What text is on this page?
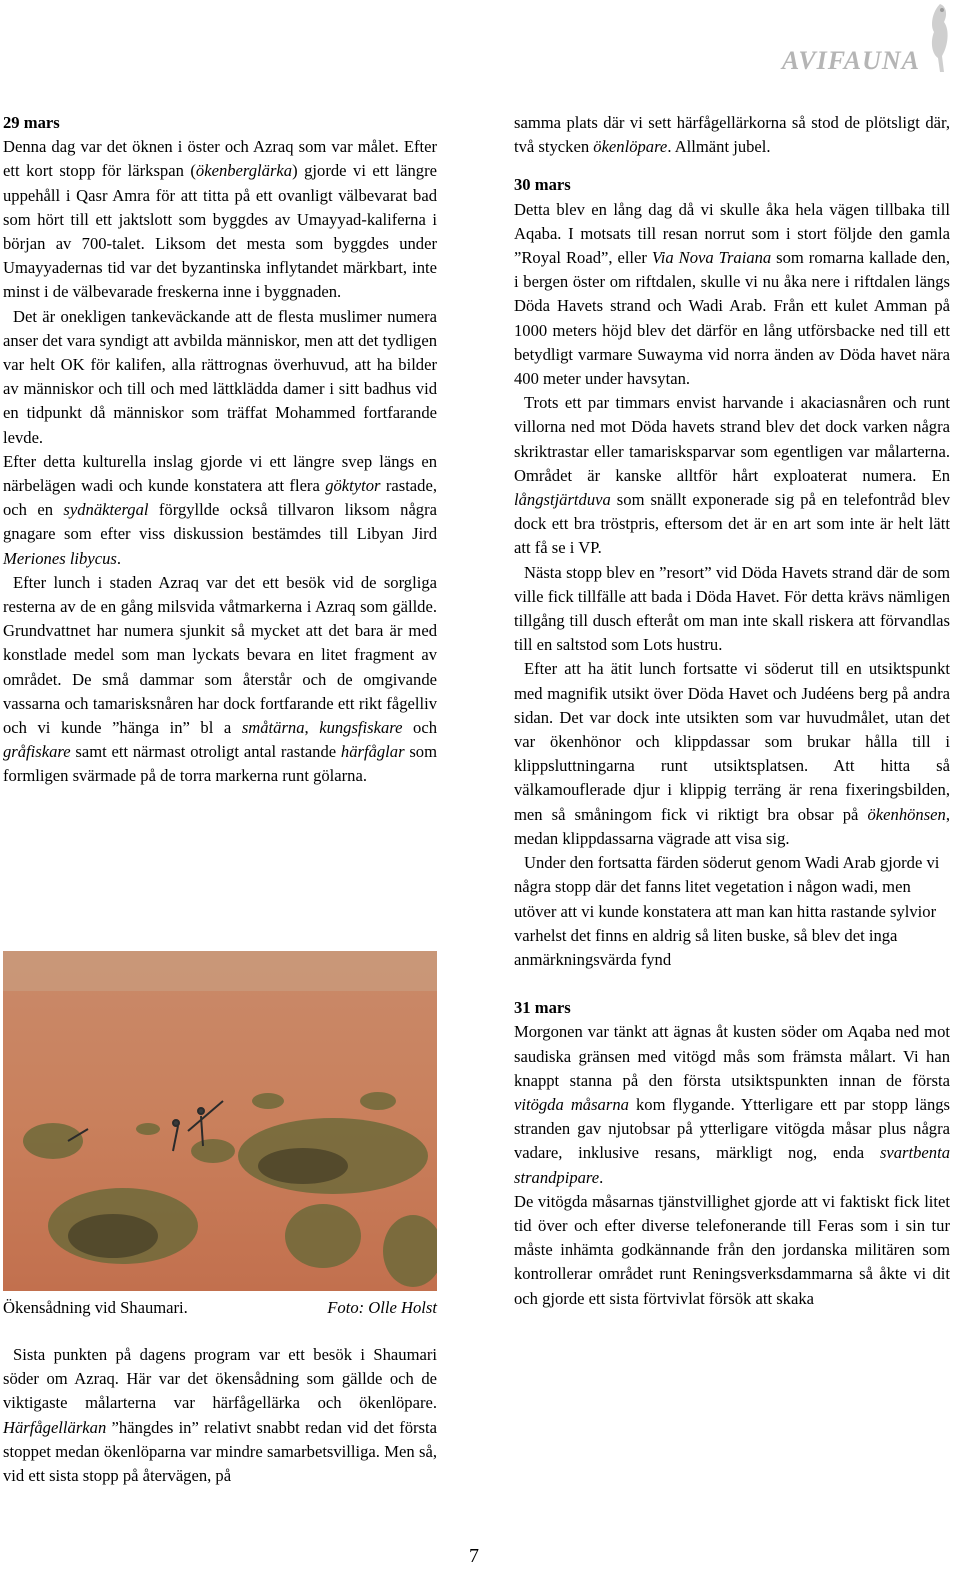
AVIFAUNA
29 mars

Denna dag var det öknen i öster och Azraq som var målet. Efter ett kort stopp för lärkspan (ökenberglärka) gjorde vi ett längre uppehåll i Qasr Amra för att titta på ett ovanligt välbevarat bad som hört till ett jaktslott som byggdes av Umayyad-kaliferna i början av 700-talet. Liksom det mesta som byggdes under Umayyadernas tid var det byzantinska inflytandet märkbart, inte minst i de välbevarade freskerna inne i byggnaden.

Det är onekligen tankeväckande att de flesta muslimer numera anser det vara syndigt att avbilda människor, men att det tydligen var helt OK för kalifen, alla rättrognas överhuvud, att ha bilder av människor och till och med lättklädda damer i sitt badhus vid en tidpunkt då människor som träffat Mohammed fortfarande levde.

Efter detta kulturella inslag gjorde vi ett längre svep längs en närbelägen wadi och kunde konstatera att flera göktytor rastade, och en sydnäktergal förgyllde också tillvaron liksom några gnagare som efter viss diskussion bestämdes till Libyan Jird Meriones libycus.

Efter lunch i staden Azraq var det ett besök vid de sorgliga resterna av de en gång milsvida våtmarkerna i Azraq som gällde. Grundvattnet har numera sjunkit så mycket att det bara är med konstlade medel som man lyckats bevara en litet fragment av området. De små dammar som återstår och de omgivande vassarna och tamarisksnåren har dock fortfarande ett rikt fågelliv och vi kunde ”hänga in” bl a småtärna, kungsfiskare och gråfiskare samt ett närmast otroligt antal rastande härfåglar som formligen svärmade på de torra markerna runt gölarna.

Ökensådning vid Shaumari.	Foto: Olle Holst

Sista punkten på dagens program var ett besök i Shaumari söder om Azraq. Här var det ökensådning som gällde och de viktigaste målarterna var härfågellärka och ökenlöpare. Härfågellärkan ”hängdes in” relativt snabbt redan vid det första stoppet medan ökenlöparna var mindre samarbetsvilliga. Men så, vid ett sista stopp på återvägen, på

samma plats där vi sett härfågellärkorna så stod de plötsligt där, två stycken ökenlöpare. Allmänt jubel.

30 mars

Detta blev en lång dag då vi skulle åka hela vägen tillbaka till Aqaba. I motsats till resan norrut som i stort följde den gamla ”Royal Road”, eller Via Nova Traiana som romarna kallade den, i bergen öster om riftdalen, skulle vi nu åka nere i riftdalen längs Döda Havets strand och Wadi Arab. Från ett kulet Amman på 1000 meters höjd blev det därför en lång utförsbacke ned till ett betydligt varmare Suwayma vid norra änden av Döda havet nära 400 meter under havsytan.

Trots ett par timmars envist harvande i akaciasnåren och runt villorna ned mot Döda havets strand blev det dock varken några skriktrastar eller tamarisksparvar som egentligen var målarterna. Området är kanske alltför hårt exploaterat numera. En långstjärtduva som snällt exponerade sig på en telefontråd blev dock ett bra tröstpris, eftersom det är en art som inte är helt lätt att få se i VP.

Nästa stopp blev en ”resort” vid Döda Havets strand där de som ville fick tillfälle att bada i Döda Havet. För detta krävs nämligen tillgång till dusch efteråt om man inte skall riskera att förvandlas till en saltstod som Lots hustru.

Efter att ha ätit lunch fortsatte vi söderut till en utsiktspunkt med magnifik utsikt över Döda Havet och Judéens berg på andra sidan. Det var dock inte utsikten som var huvudmålet, utan det var ökenhönor och klippdassar som brukar hålla till i klippsluttningarna runt utsiktsplatsen. Att hitta så välkamouflerade djur i klippig terräng är rena fixeringsbilden, men så småningom fick vi riktigt bra obsar på ökenhönsen, medan klippdassarna vägrade att visa sig.

Under den fortsatta färden söderut genom Wadi Arab gjorde vi några stopp där det fanns litet vegetation i någon wadi, men utöver att vi kunde konstatera att man kan hitta rastande sylvior varhelst det finns en aldrig så liten buske, så blev det inga anmärkningsvärda fynd

31 mars

Morgonen var tänkt att ägnas åt kusten söder om Aqaba ned mot saudiska gränsen med vitögd mås som främsta målart. Vi han knappt stanna på den första utsiktspunkten innan de första vitögda måsarna kom flygande. Ytterligare ett par stopp längs stranden gav njutobsar på ytterligare vitögda måsar plus några vadare, inklusive resans, märkligt nog, enda svartbenta strandpipare.

De vitögda måsarnas tjänstvillighet gjorde att vi faktiskt fick litet tid över och efter diverse telefonerande till Feras som i sin tur måste inhämta godkännande från den jordanska militären som kontrollerar området runt Reningsverksdammarna så åkte vi dit och gjorde ett sista förtvivlat försök att skaka

7
